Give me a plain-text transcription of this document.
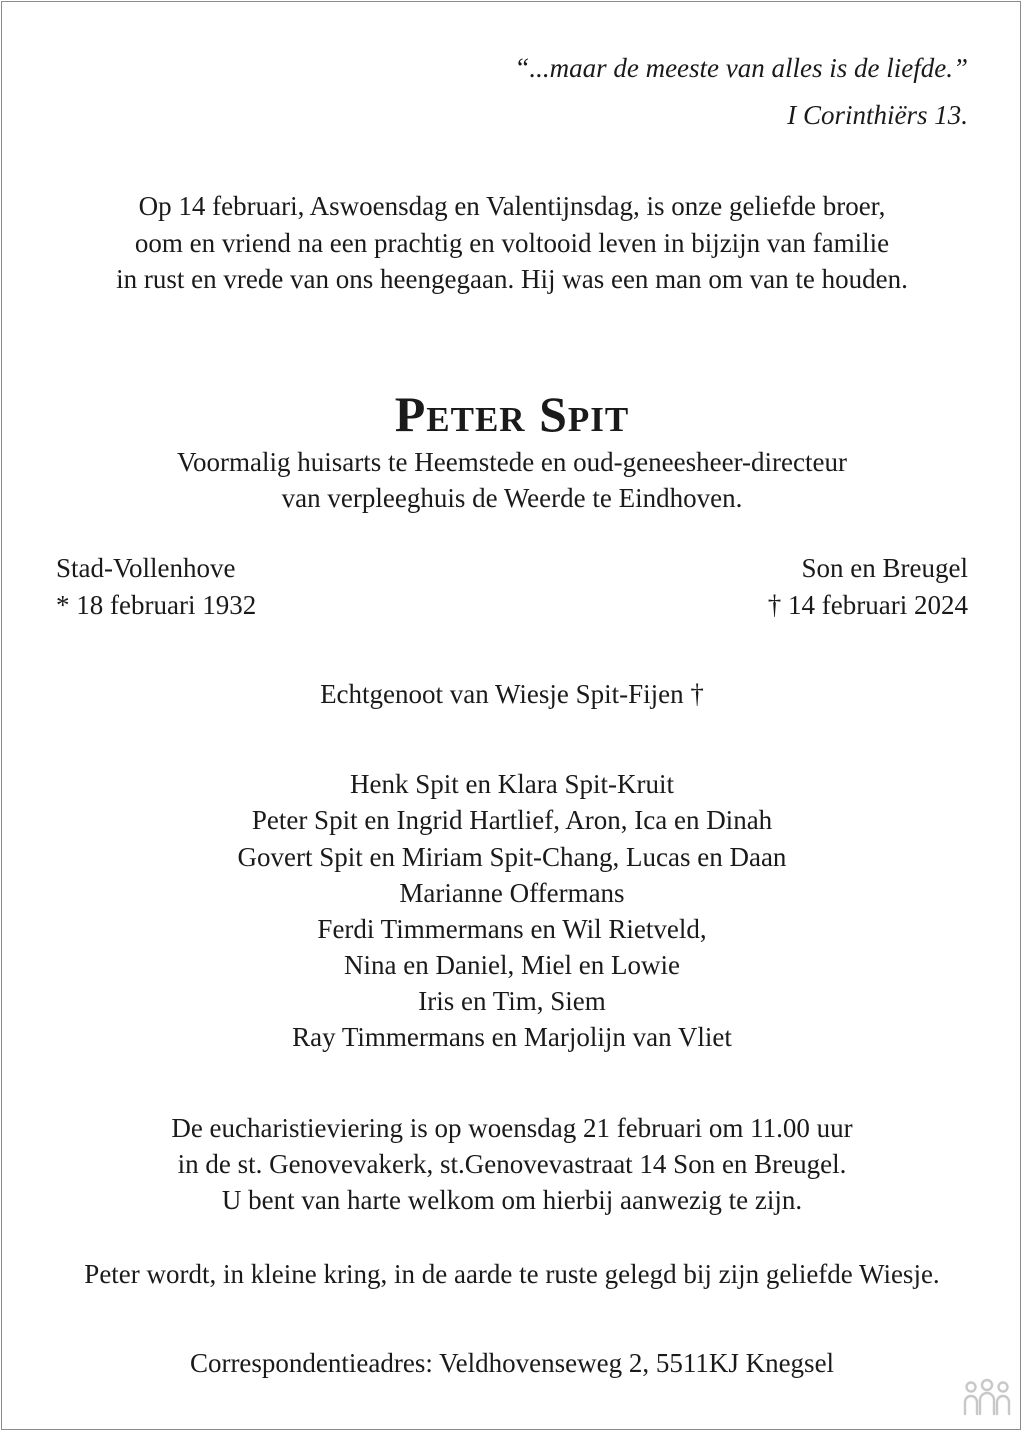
“...maar de meeste van alles is de liefde.”

I Corinthiërs 13.

Op 14 februari, Aswoensdag en Valentijnsdag, is onze geliefde broer,

oom en vriend na een prachtig en voltooid leven in bijzijn van familie

in rust en vrede van ons heengegaan. Hij was een man om van te houden.

Peter Spit

Voormalig huisarts te Heemstede en oud-geneesheer-directeur

van verpleeghuis de Weerde te Eindhoven.

Stad-Vollenhove

* 18 februari 1932

Son en Breugel

† 14 februari 2024

Echtgenoot van Wiesje Spit-Fijen †

Henk Spit en Klara Spit-Kruit

Peter Spit en Ingrid Hartlief, Aron, Ica en Dinah

Govert Spit en Miriam Spit-Chang, Lucas en Daan

Marianne Offermans

Ferdi Timmermans en Wil Rietveld,

Nina en Daniel, Miel en Lowie

Iris en Tim, Siem

Ray Timmermans en Marjolijn van Vliet

De eucharistieviering is op woensdag 21 februari om 11.00 uur

in de st. Genovevakerk, st.Genovevastraat 14 Son en Breugel.

U bent van harte welkom om hierbij aanwezig te zijn.

Peter wordt, in kleine kring, in de aarde te ruste gelegd bij zijn geliefde Wiesje.

Correspondentieadres: Veldhovenseweg 2, 5511KJ Knegsel
